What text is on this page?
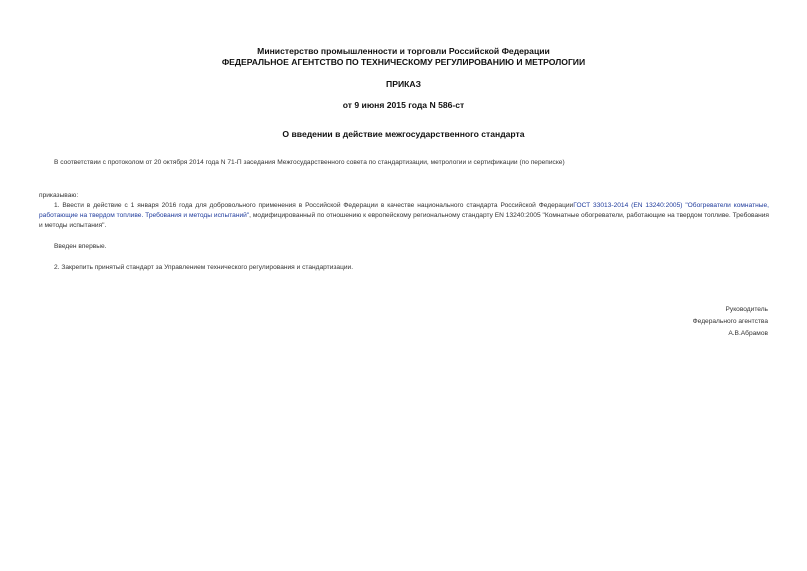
Министерство промышленности и торговли Российской Федерации
ФЕДЕРАЛЬНОЕ АГЕНТСТВО ПО ТЕХНИЧЕСКОМУ РЕГУЛИРОВАНИЮ И МЕТРОЛОГИИ
ПРИКАЗ
от 9 июня 2015 года N 586-ст
О введении в действие межгосударственного стандарта
В соответствии с протоколом от 20 октября 2014 года N 71-П заседания Межгосударственного совета по стандартизации, метрологии и сертификации (по переписке)
приказываю:
1. Ввести в действие с 1 января 2016 года для добровольного применения в Российской Федерации в качестве национального стандарта Российской ФедерацииГОСТ 33013-2014 (EN 13240:2005) "Обогреватели комнатные, работающие на твердом топливе. Требования и методы испытаний", модифицированный по отношению к европейскому региональному стандарту EN 13240:2005 "Комнатные обогреватели, работающие на твердом топливе. Требования и методы испытания".
Введен впервые.
2. Закрепить принятый стандарт за Управлением технического регулирования и стандартизации.
Руководитель
Федерального агентства
А.В.Абрамов
